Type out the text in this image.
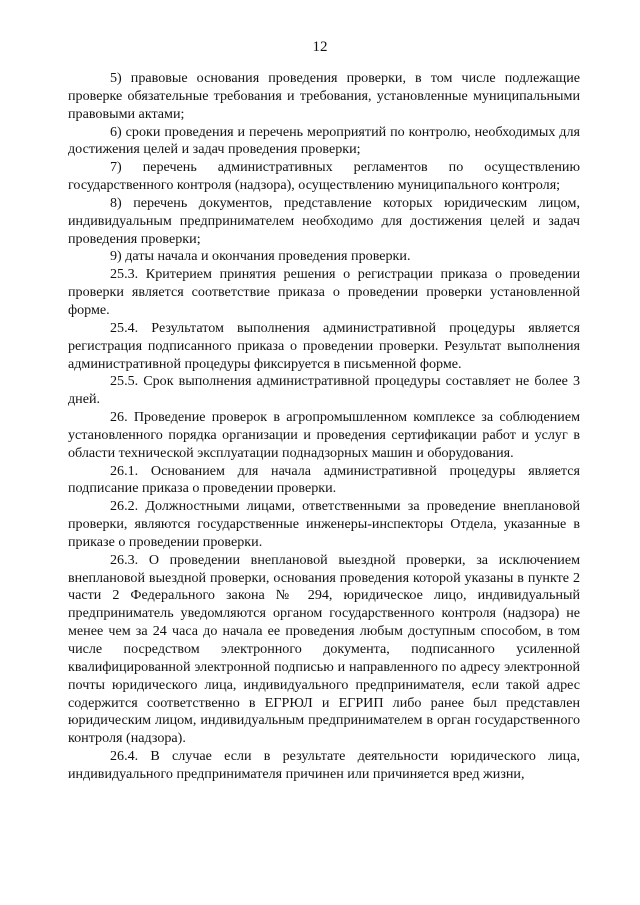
12

5) правовые основания проведения проверки, в том числе подлежащие проверке обязательные требования и требования, установленные муниципальными правовыми актами;

6) сроки проведения и перечень мероприятий по контролю, необходимых для достижения целей и задач проведения проверки;

7) перечень административных регламентов по осуществлению государственного контроля (надзора), осуществлению муниципального контроля;

8) перечень документов, представление которых юридическим лицом, индивидуальным предпринимателем необходимо для достижения целей и задач проведения проверки;

9) даты начала и окончания проведения проверки.

25.3. Критерием принятия решения о регистрации приказа о проведении проверки является соответствие приказа о проведении проверки установленной форме.

25.4. Результатом выполнения административной процедуры является регистрация подписанного приказа о проведении проверки. Результат выполнения административной процедуры фиксируется в письменной форме.

25.5. Срок выполнения административной процедуры составляет не более 3 дней.

26. Проведение проверок в агропромышленном комплексе за соблюдением установленного порядка организации и проведения сертификации работ и услуг в области технической эксплуатации поднадзорных машин и оборудования.

26.1. Основанием для начала административной процедуры является подписание приказа о проведении проверки.

26.2. Должностными лицами, ответственными за проведение внеплановой проверки, являются государственные инженеры-инспекторы Отдела, указанные в приказе о проведении проверки.

26.3. О проведении внеплановой выездной проверки, за исключением внеплановой выездной проверки, основания проведения которой указаны в пункте 2 части 2 Федерального закона № 294, юридическое лицо, индивидуальный предприниматель уведомляются органом государственного контроля (надзора) не менее чем за 24 часа до начала ее проведения любым доступным способом, в том числе посредством электронного документа, подписанного усиленной квалифицированной электронной подписью и направленного по адресу электронной почты юридического лица, индивидуального предпринимателя, если такой адрес содержится соответственно в ЕГРЮЛ и ЕГРИП либо ранее был представлен юридическим лицом, индивидуальным предпринимателем в орган государственного контроля (надзора).

26.4. В случае если в результате деятельности юридического лица, индивидуального предпринимателя причинен или причиняется вред жизни,
